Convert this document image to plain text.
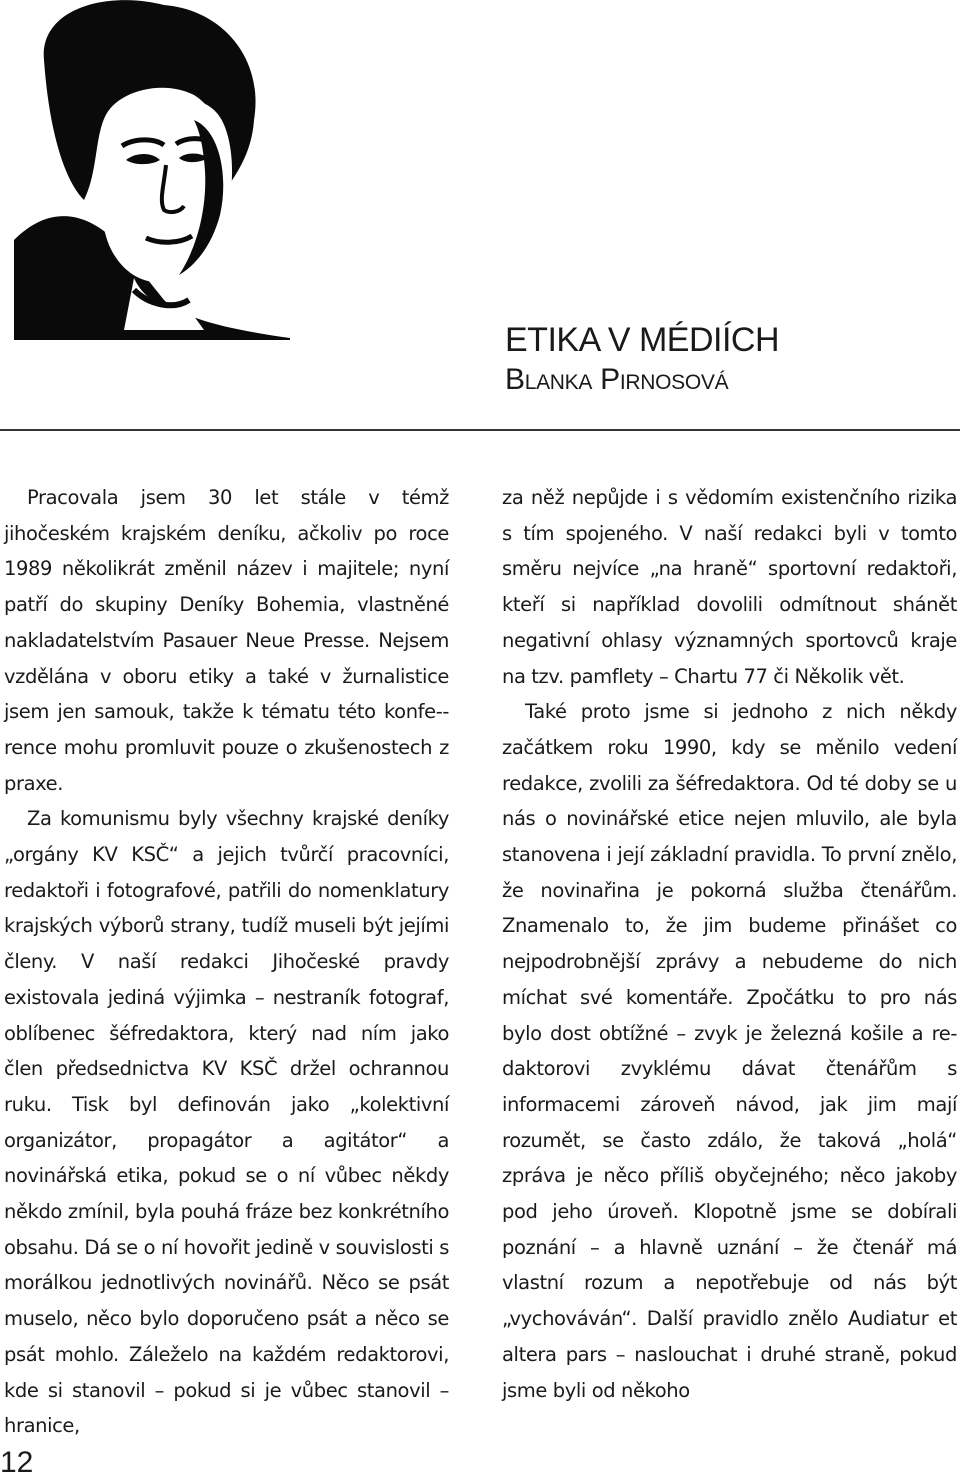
ETIKA V MÉDIÍCH

Blanka Pirnosová

Pracovala jsem 30 let stále v témž jihočeském krajském deníku, ačkoliv po roce 1989 několikrát změnil název i majitele; nyní patří do skupiny Deníky Bohemia, vlastněné nakladatelstvím Pasauer Neue Presse. Nejsem vzdělána v oboru etiky a také v žurnalistice jsem jen samouk, takže k tématu této konfe--rence mohu promluvit pouze o zkušenostech z praxe.

Za komunismu byly všechny krajské deníky „orgány KV KSČ“ a jejich tvůrčí pracovníci, redaktoři i fotografové, patřili do nomenklatury krajských výborů strany, tudíž museli být jejími členy. V naší redakci Jihočeské pravdy existovala jediná výjimka – nestraník fotograf, oblíbenec šéfredaktora, který nad ním jako člen předsednictva KV KSČ držel ochrannou ruku. Tisk byl definován jako „kolektivní organizátor, propagátor a agitátor“ a novinářská etika, pokud se o ní vůbec někdy někdo zmínil, byla pouhá fráze bez konkrétního obsahu. Dá se o ní hovořit jedině v souvislosti s morálkou jednotlivých novinářů. Něco se psát muselo, něco bylo doporučeno psát a něco se psát mohlo. Záleželo na každém redaktorovi, kde si stanovil – pokud si je vůbec stanovil – hranice,

za něž nepůjde i s vědomím existenčního rizika s tím spojeného. V naší redakci byli v tomto směru nejvíce „na hraně“ sportovní redaktoři, kteří si například dovolili odmítnout shánět negativní ohlasy významných sportovců kraje na tzv. pamflety – Chartu 77 či Několik vět.

Také proto jsme si jednoho z nich někdy začátkem roku 1990, kdy se měnilo vedení redakce, zvolili za šéfredaktora. Od té doby se u nás o novinářské etice nejen mluvilo, ale byla stanovena i její základní pravidla. To první znělo, že novinařina je pokorná služba čtenářům. Znamenalo to, že jim budeme přinášet co nejpodrobnější zprávy a nebudeme do nich míchat své komentáře. Zpočátku to pro nás bylo dost obtížné – zvyk je železná košile a re-daktorovi zvyklému dávat čtenářům s informacemi zároveň návod, jak jim mají rozumět, se často zdálo, že taková „holá“ zpráva je něco příliš obyčejného; něco jakoby pod jeho úroveň. Klopotně jsme se dobírali poznání – a hlavně uznání – že čtenář má vlastní rozum a nepotřebuje od nás být „vychováván“. Další pravidlo znělo Audiatur et altera pars – naslouchat i druhé straně, pokud jsme byli od někoho

12
